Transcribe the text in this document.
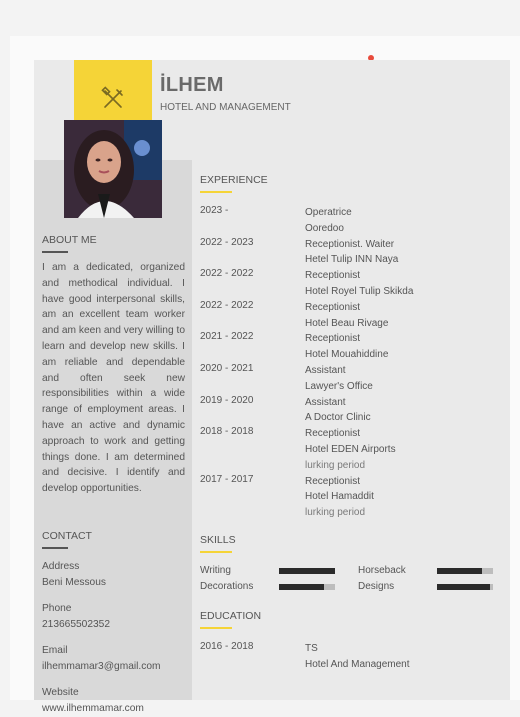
İLHEM
HOTEL AND MANAGEMENT
ABOUT ME

I am a dedicated, organized and methodical individual. I have good interpersonal skills, am an excellent team worker and am keen and very willing to learn and develop new skills. I am reliable and dependable and often seek new responsibilities within a wide range of employment areas. I have an active and dynamic approach to work and getting things done. I am determined and decisive. I identify and develop opportunities.

CONTACT
Address
Beni Messous
Phone
213665502352
Email
ilhemmamar3@gmail.com
Website
www.ilhemmamar.com
EXPERIENCE
2023 -	Operatrice
Ooredoo
2022 - 2023	Receptionist. Waiter
Hetel Tulip INN Naya
2022 - 2022	Receptionist
Hotel Royel Tulip Skikda
2022 - 2022	Receptionist
Hotel Beau Rivage
2021 - 2022	Receptionist
Hotel Mouahiddine
2020 - 2021	Assistant
Lawyer's Office
2019 - 2020	Assistant
A Doctor Clinic
2018 - 2018	Receptionist
Hotel EDEN Airports
lurking period
2017 - 2017	Receptionist
Hotel Hamaddit
lurking period
SKILLS
Writing	Horseback
Decorations	Designs
EDUCATION
2016 - 2018	TS
Hotel And Management
